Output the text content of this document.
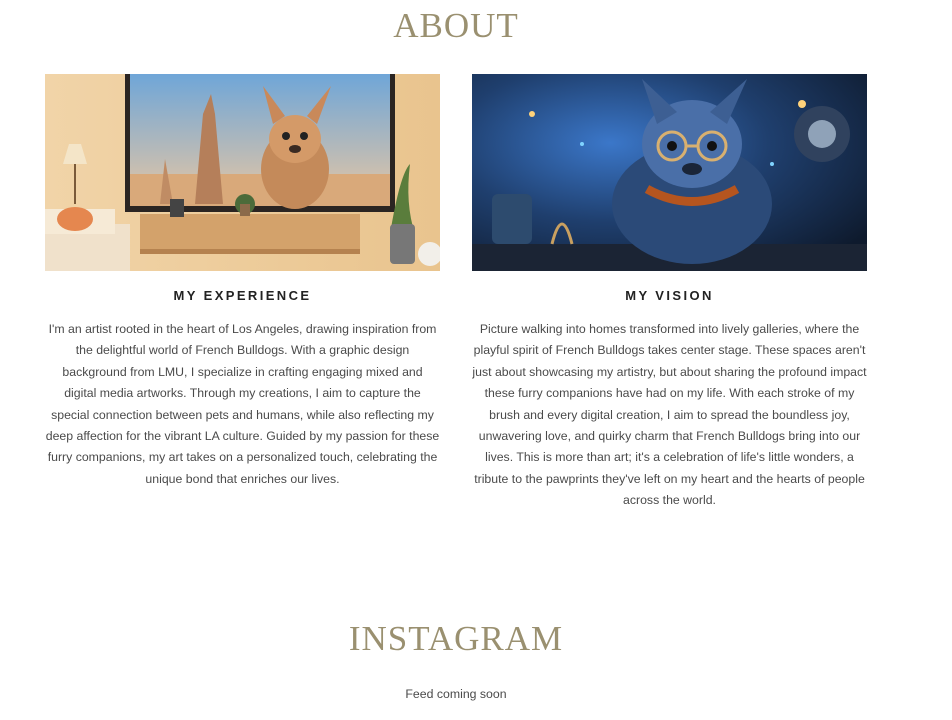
ABOUT
MY EXPERIENCE

I'm an artist rooted in the heart of Los Angeles, drawing inspiration from the delightful world of French Bulldogs. With a graphic design background from LMU, I specialize in crafting engaging mixed and digital media artworks. Through my creations, I aim to capture the special connection between pets and humans, while also reflecting my deep affection for the vibrant LA culture. Guided by my passion for these furry companions, my art takes on a personalized touch, celebrating the unique bond that enriches our lives.

MY VISION

Picture walking into homes transformed into lively galleries, where the playful spirit of French Bulldogs takes center stage. These spaces aren't just about showcasing my artistry, but about sharing the profound impact these furry companions have had on my life. With each stroke of my brush and every digital creation, I aim to spread the boundless joy, unwavering love, and quirky charm that French Bulldogs bring into our lives. This is more than art; it's a celebration of life's little wonders, a tribute to the pawprints they've left on my heart and the hearts of people across the world.

INSTAGRAM
Feed coming soon
